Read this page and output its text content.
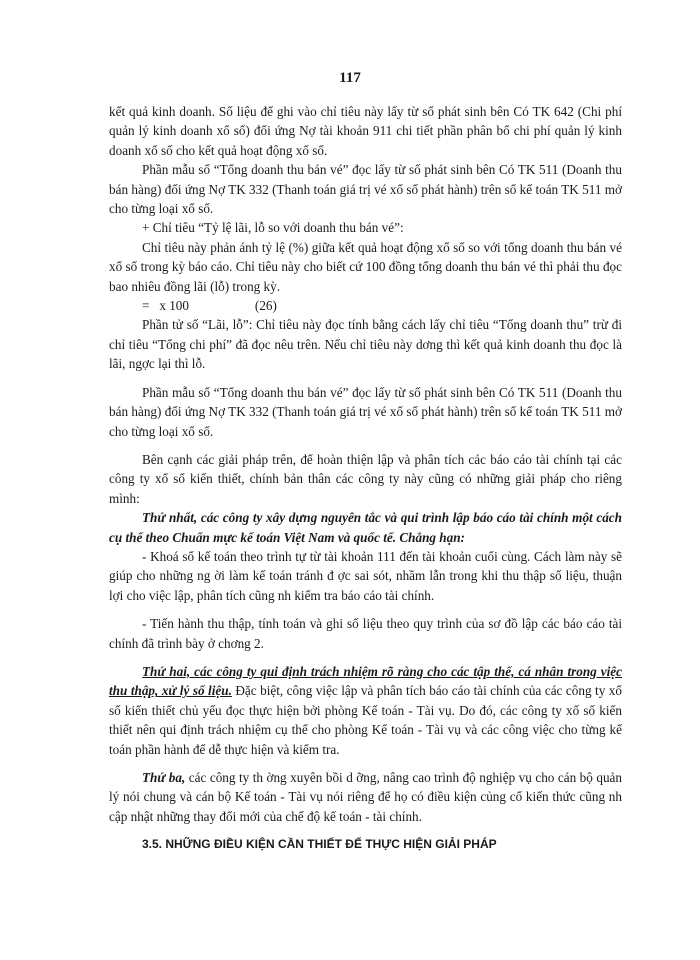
117

kết quả kinh doanh. Số liệu để ghi vào chỉ tiêu này lấy từ số phát sinh bên Có TK 642 (Chi phí quản lý kinh doanh xổ số) đối ứng Nợ tài khoản 911 chi tiết phần phân bổ chi phí quản lý kinh doanh xổ số cho kết quả hoạt động xổ số.

Phần mẫu số “Tổng doanh thu bán vé” đọc lấy từ số phát sinh bên Có TK 511 (Doanh thu bán hàng) đối ứng Nợ TK 332 (Thanh toán giá trị vé xổ số phát hành) trên sổ kế toán TK 511 mở cho từng loại xổ số.

+ Chỉ tiêu “Tỷ lệ lãi, lỗ so với doanh thu bán vé”:

Chỉ tiêu này phản ánh tỷ lệ (%) giữa kết quả hoạt động xổ số so với tổng doanh thu bán vé xổ số trong kỳ báo cáo. Chỉ tiêu này cho biết cứ 100 đồng tổng doanh thu bán vé thì phải thu đọc bao nhiêu đồng lãi (lỗ) trong kỳ.

=   x 100                    (26)

Phần tử số “Lãi, lỗ”: Chỉ tiêu này đọc tính bằng cách lấy chỉ tiêu “Tổng doanh thu” trừ đi chỉ tiêu “Tổng chi phí” đã đọc nêu trên. Nếu chỉ tiêu này dơng thì kết quả kinh doanh thu đọc là lãi, ngợc lại thì lỗ.

Phần mẫu số “Tổng doanh thu bán vé” đọc lấy từ số phát sinh bên Có TK 511 (Doanh thu bán hàng) đối ứng Nợ TK 332 (Thanh toán giá trị vé xổ số phát hành) trên sổ kế toán TK 511 mở cho từng loại xổ số.

Bên cạnh các giải pháp trên, để hoàn thiện lập và phân tích các báo cáo tài chính tại các công ty xổ số kiến thiết, chính bản thân các công ty này cũng có những giải pháp cho riêng mình:

Thứ nhất, các công ty xây dựng nguyên tắc và qui trình lập báo cáo tài chính một cách cụ thể theo Chuẩn mực kế toán Việt Nam và quốc tế. Chẳng hạn:

- Khoá sổ kế toán theo trình tự từ tài khoản 111 đến tài khoản cuối cùng. Cách làm này sẽ giúp cho những ng ời làm kế toán tránh đ ợc sai sót, nhầm lẫn trong khi thu thập số liệu, thuận lợi cho việc lập, phân tích cũng nh kiểm tra báo cáo tài chính.

- Tiến hành thu thập, tính toán và ghi số liệu theo quy trình của sơ đồ lập các báo cáo tài chính đã trình bày ở chơng 2.

Thứ hai, các công ty qui định trách nhiệm rõ ràng cho các tập thể, cá nhân trong việc thu thập, xử lý số liệu. Đặc biệt, công việc lập và phân tích báo cáo tài chính của các công ty xổ số kiến thiết chủ yếu đọc thực hiện bởi phòng Kế toán - Tài vụ. Do đó, các công ty xổ số kiến thiết nên qui định trách nhiệm cụ thể cho phòng Kế toán - Tài vụ và các công việc cho từng kế toán phần hành để dễ thực hiện và kiểm tra.

Thứ ba, các công ty th ờng xuyên bồi d ỡng, nâng cao trình độ nghiệp vụ cho cán bộ quản lý nói chung và cán bộ Kế toán - Tài vụ nói riêng để họ có điều kiện củng cố kiến thức cũng nh cập nhật những thay đổi mới của chế độ kế toán - tài chính.

3.5. NHỮNG ĐIỀU KIỆN CẦN THIẾT ĐỂ THỰC HIỆN GIẢI PHÁP
